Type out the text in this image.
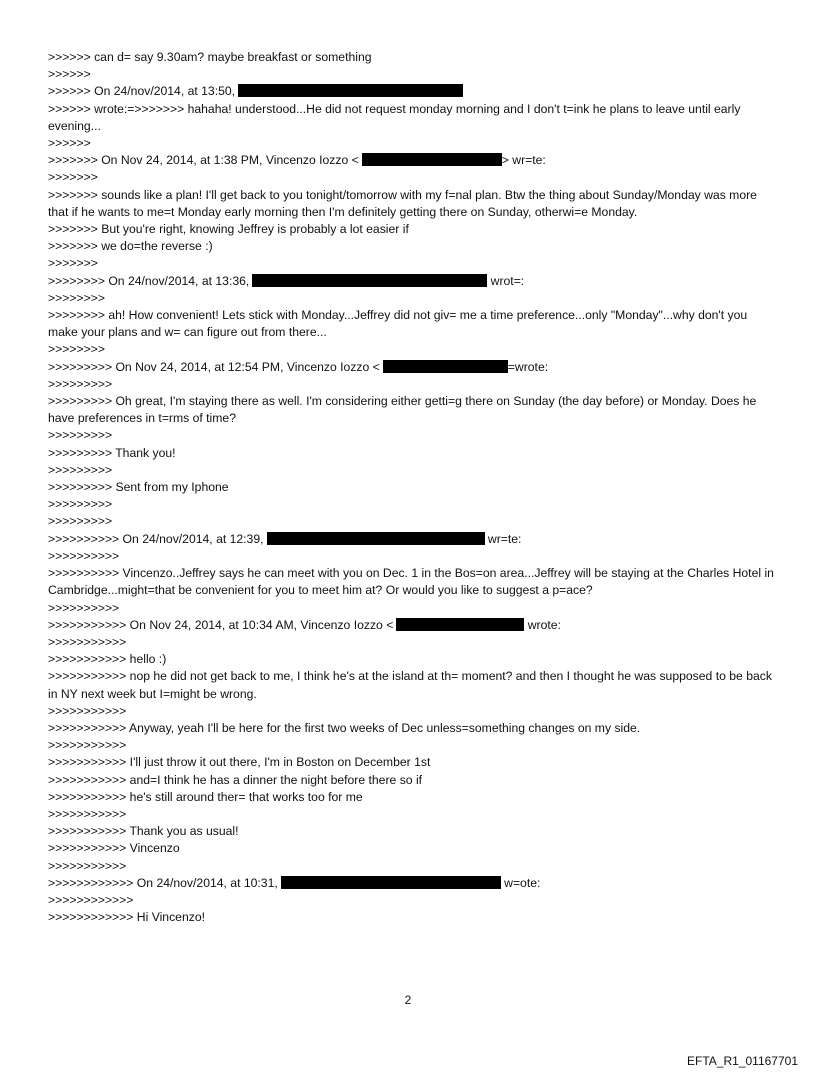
>>>>>> can d= say 9.30am? maybe breakfast or something
>>>>>>
>>>>>> On 24/nov/2014, at 13:50,
>>>>>> wrote:=>>>>>>> hahaha! understood...He did not request monday morning and I don't t=ink he plans to leave until early evening...
>>>>>>
>>>>>>> On Nov 24, 2014, at 1:38 PM, Vincenzo Iozzo <	> wr=te:
>>>>>>>
>>>>>>> sounds like a plan! I'll get back to you tonight/tomorrow with my f=nal plan. Btw the thing about Sunday/Monday was more that if he wants to me=t Monday early morning then I'm definitely getting there on Sunday, otherwi=e Monday.
>>>>>>> But you're right, knowing Jeffrey is probably a lot easier if
>>>>>>> we do=the reverse :)
>>>>>>>
>>>>>>>> On 24/nov/2014, at 13:36,	wrot=:
>>>>>>>>
>>>>>>>> ah! How convenient! Lets stick with Monday...Jeffrey did not giv= me a time preference...only "Monday"...why don't you make your plans and w= can figure out from there...
>>>>>>>>
>>>>>>>>> On Nov 24, 2014, at 12:54 PM, Vincenzo Iozzo <	=wrote:
>>>>>>>>>
>>>>>>>>> Oh great, I'm staying there as well. I'm considering either getti=g there on Sunday (the day before) or Monday. Does he have preferences in t=rms of time?
>>>>>>>>>
>>>>>>>>> Thank you!
>>>>>>>>>
>>>>>>>>> Sent from my Iphone
>>>>>>>>>
>>>>>>>>>
>>>>>>>>>> On 24/nov/2014, at 12:39,	wr=te:
>>>>>>>>>>
>>>>>>>>>> Vincenzo..Jeffrey says he can meet with you on Dec. 1 in the Bos=on area...Jeffrey will be staying at the Charles Hotel in Cambridge...might=that be convenient for you to meet him at? Or would you like to suggest a p=ace?
>>>>>>>>>>
>>>>>>>>>>> On Nov 24, 2014, at 10:34 AM, Vincenzo Iozzo <	wrote:
>>>>>>>>>>>
>>>>>>>>>>> hello :)
>>>>>>>>>>> nop he did not get back to me, I think he's at the island at th= moment? and then I thought he was supposed to be back in NY next week but I=might be wrong.
>>>>>>>>>>>
>>>>>>>>>>> Anyway, yeah I'll be here for the first two weeks of Dec unless=something changes on my side.
>>>>>>>>>>>
>>>>>>>>>>> I'll just throw it out there, I'm in Boston on December 1st
>>>>>>>>>>> and=I think he has a dinner the night before there so if
>>>>>>>>>>> he's still around ther= that works too for me
>>>>>>>>>>>
>>>>>>>>>>> Thank you as usual!
>>>>>>>>>>> Vincenzo
>>>>>>>>>>>
>>>>>>>>>>>> On 24/nov/2014, at 10:31,	w=ote:
>>>>>>>>>>>>
>>>>>>>>>>>> Hi Vincenzo!
2
EFTA_R1_01167701
